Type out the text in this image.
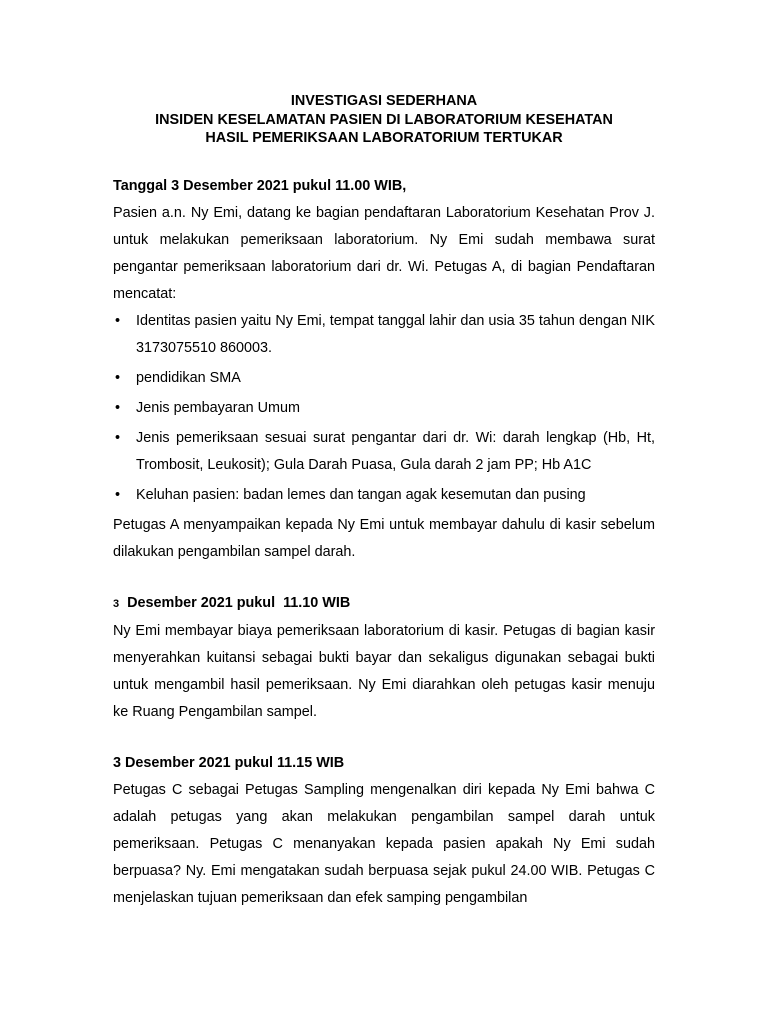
INVESTIGASI SEDERHANA

INSIDEN KESELAMATAN PASIEN DI LABORATORIUM KESEHATAN

HASIL PEMERIKSAAN LABORATORIUM TERTUKAR

Tanggal 3 Desember 2021 pukul 11.00 WIB,

Pasien a.n. Ny Emi, datang ke bagian pendaftaran Laboratorium Kesehatan Prov J. untuk melakukan pemeriksaan laboratorium. Ny Emi sudah membawa surat pengantar pemeriksaan laboratorium dari dr. Wi. Petugas A, di bagian Pendaftaran mencatat:

• Identitas pasien yaitu Ny Emi, tempat tanggal lahir dan usia 35 tahun dengan NIK 3173075510 860003.
• pendidikan SMA
• Jenis pembayaran Umum
• Jenis pemeriksaan sesuai surat pengantar dari dr. Wi: darah lengkap (Hb, Ht, Trombosit, Leukosit); Gula Darah Puasa, Gula darah 2 jam PP; Hb A1C
• Keluhan pasien: badan lemes dan tangan agak kesemutan dan pusing

Petugas A menyampaikan kepada Ny Emi untuk membayar dahulu di kasir sebelum dilakukan pengambilan sampel darah.

3  Desember 2021 pukul  11.10 WIB

Ny Emi membayar biaya pemeriksaan laboratorium di kasir. Petugas di bagian kasir menyerahkan kuitansi sebagai bukti bayar dan sekaligus digunakan sebagai bukti untuk mengambil hasil pemeriksaan. Ny Emi diarahkan oleh petugas kasir menuju ke Ruang Pengambilan sampel.

3 Desember 2021 pukul 11.15 WIB

Petugas C sebagai Petugas Sampling mengenalkan diri kepada Ny Emi bahwa C adalah petugas yang akan melakukan pengambilan sampel darah untuk pemeriksaan. Petugas C menanyakan kepada pasien apakah Ny Emi sudah berpuasa? Ny. Emi mengatakan sudah berpuasa sejak pukul 24.00 WIB. Petugas C menjelaskan tujuan pemeriksaan dan efek samping pengambilan
